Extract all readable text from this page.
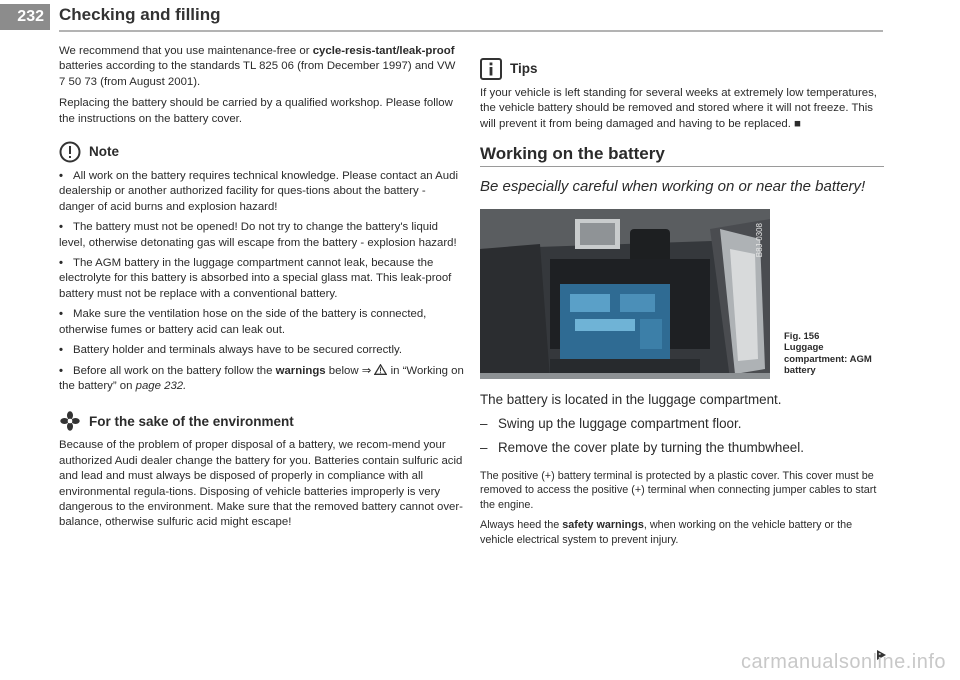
232 Checking and filling

We recommend that you use maintenance-free or cycle-resis-tant/leak-proof batteries according to the standards TL 825 06 (from December 1997) and VW 7 50 73 (from August 2001).

Replacing the battery should be carried by a qualified workshop. Please follow the instructions on the battery cover.

Note
• All work on the battery requires technical knowledge. Please contact an Audi dealership or another authorized facility for ques-tions about the battery - danger of acid burns and explosion hazard!
• The battery must not be opened! Do not try to change the battery's liquid level, otherwise detonating gas will escape from the battery - explosion hazard!
• The AGM battery in the luggage compartment cannot leak, because the electrolyte for this battery is absorbed into a special glass mat. This leak-proof battery must not be replace with a conventional battery.
• Make sure the ventilation hose on the side of the battery is connected, otherwise fumes or battery acid can leak out.
• Battery holder and terminals always have to be secured correctly.
• Before all work on the battery follow the warnings below ⇒  in “Working on the battery” on page 232.
For the sake of the environment

Because of the problem of proper disposal of a battery, we recom-mend your authorized Audi dealer change the battery for you. Batteries contain sulfuric acid and lead and must always be disposed of properly in compliance with all environmental regula-tions. Disposing of vehicle batteries improperly is very dangerous to the environment. Make sure that the removed battery cannot over-balance, otherwise sulfuric acid might escape!

Tips

If your vehicle is left standing for several weeks at extremely low temperatures, the vehicle battery should be removed and stored where it will not freeze. This will prevent it from being damaged and having to be replaced. ■

Working on the battery
Be especially careful when working on or near the battery!
B8J-0308
Fig. 156
Luggage compartment: AGM battery

The battery is located in the luggage compartment.

– Swing up the luggage compartment floor.
– Remove the cover plate by turning the thumbwheel.

The positive (+) battery terminal is protected by a plastic cover. This cover must be removed to access the positive (+) terminal when connecting jumper cables to start the engine.

Always heed the safety warnings, when working on the vehicle battery or the vehicle electrical system to prevent injury.

carmanualsonline.info
